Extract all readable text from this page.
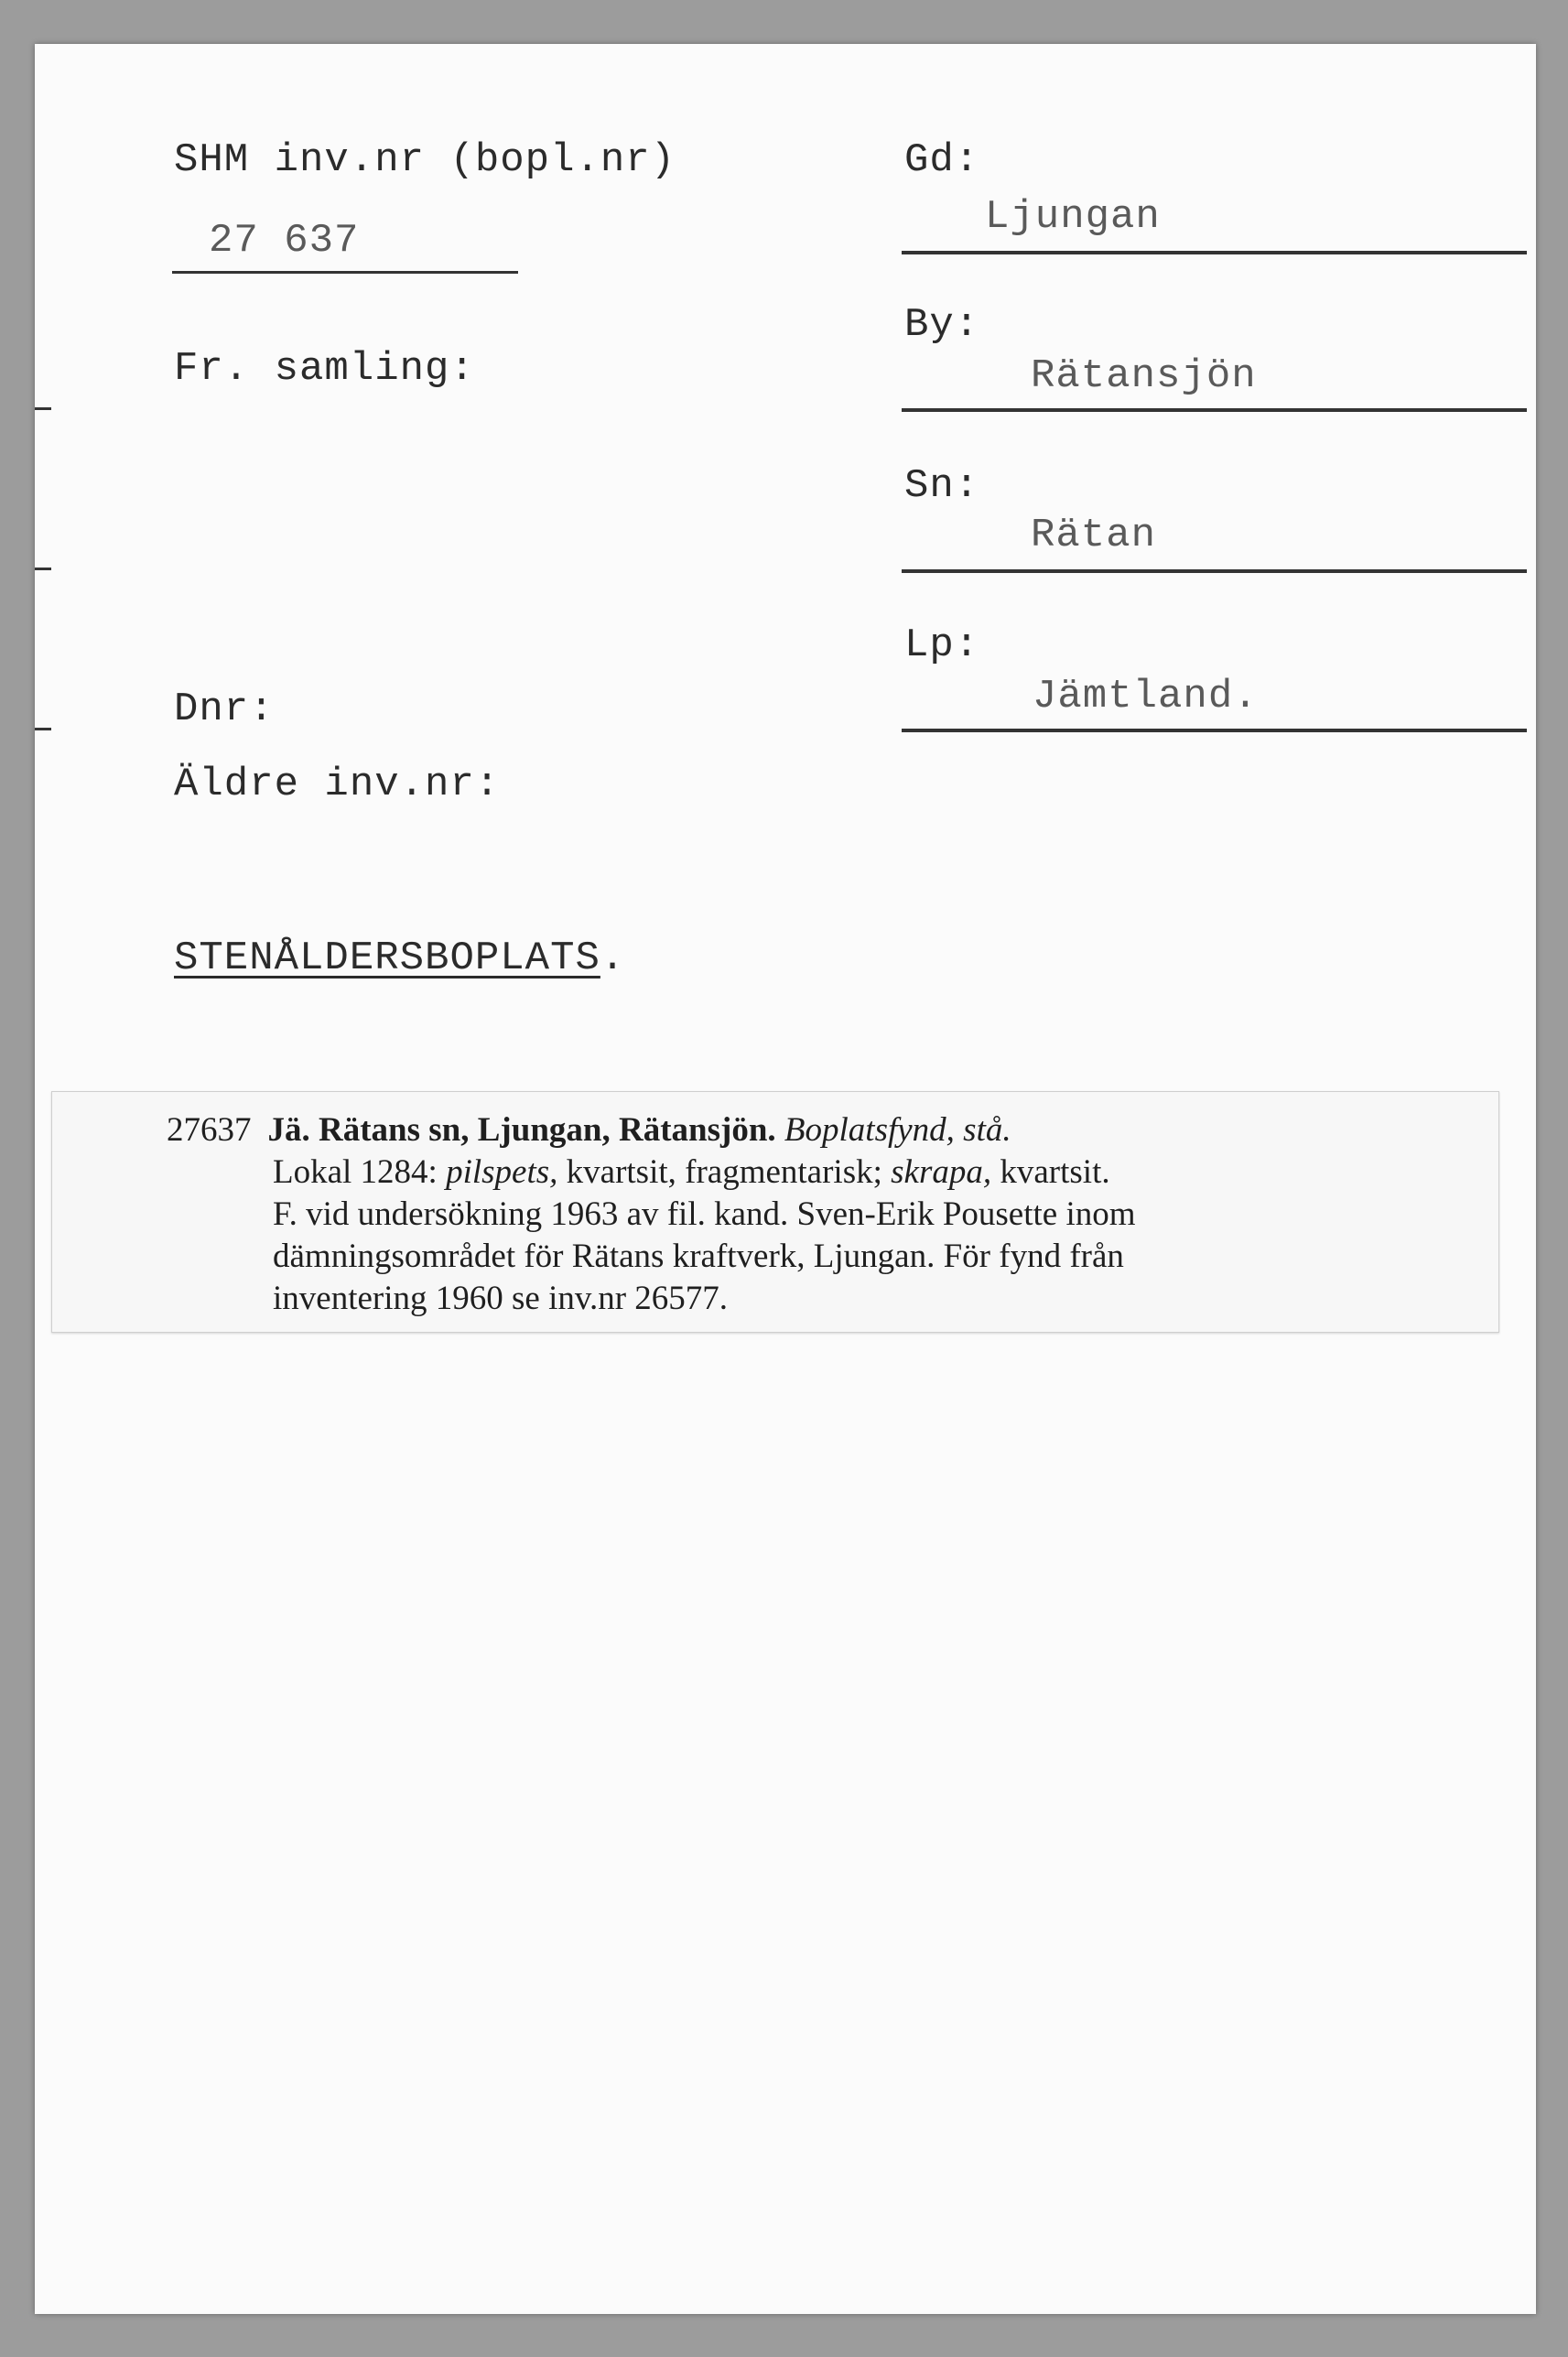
SHM inv.nr (bopl.nr)
27 637
Fr. samling:
Dnr:
Äldre inv.nr:
Gd:
Ljungan
By:
Rätansjön
Sn:
Rätan
Lp:
Jämtland.
STENÅLDERSBOPLATS.
27637 Jä. Rätans sn, Ljungan, Rätansjön. Boplatsfynd, stå.
Lokal 1284: pilspets, kvartsit, fragmentarisk; skrapa, kvartsit.
F. vid undersökning 1963 av fil. kand. Sven-Erik Pousette inom
dämningsområdet för Rätans kraftverk, Ljungan. För fynd från
inventering 1960 se inv.nr 26577.
